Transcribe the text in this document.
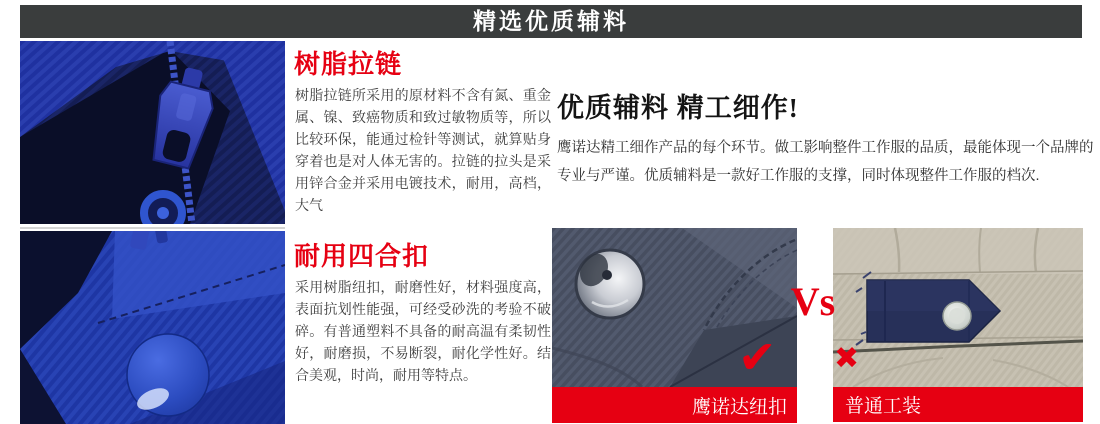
精选优质辅料
树脂拉链

树脂拉链所采用的原材料不含有氮、重金属、镍、致癌物质和致过敏物质等，所以比较环保，能通过检针等测试，就算贴身穿着也是对人体无害的。拉链的拉头是采用锌合金并采用电镀技术，耐用，高档，大气

耐用四合扣

采用树脂纽扣，耐磨性好，材料强度高，表面抗划性能强，可经受砂洗的考验不破碎。有普通塑料不具备的耐高温有柔韧性好，耐磨损，不易断裂，耐化学性好。结合美观，时尚，耐用等特点。

优质辅料 精工细作!

鹰诺达精工细作产品的每个环节。做工影响整件工作服的品质，最能体现一个品牌的专业与严谨。优质辅料是一款好工作服的支撑，同时体现整件工作服的档次.

鹰诺达纽扣	普通工装
✔
Vs
✖
